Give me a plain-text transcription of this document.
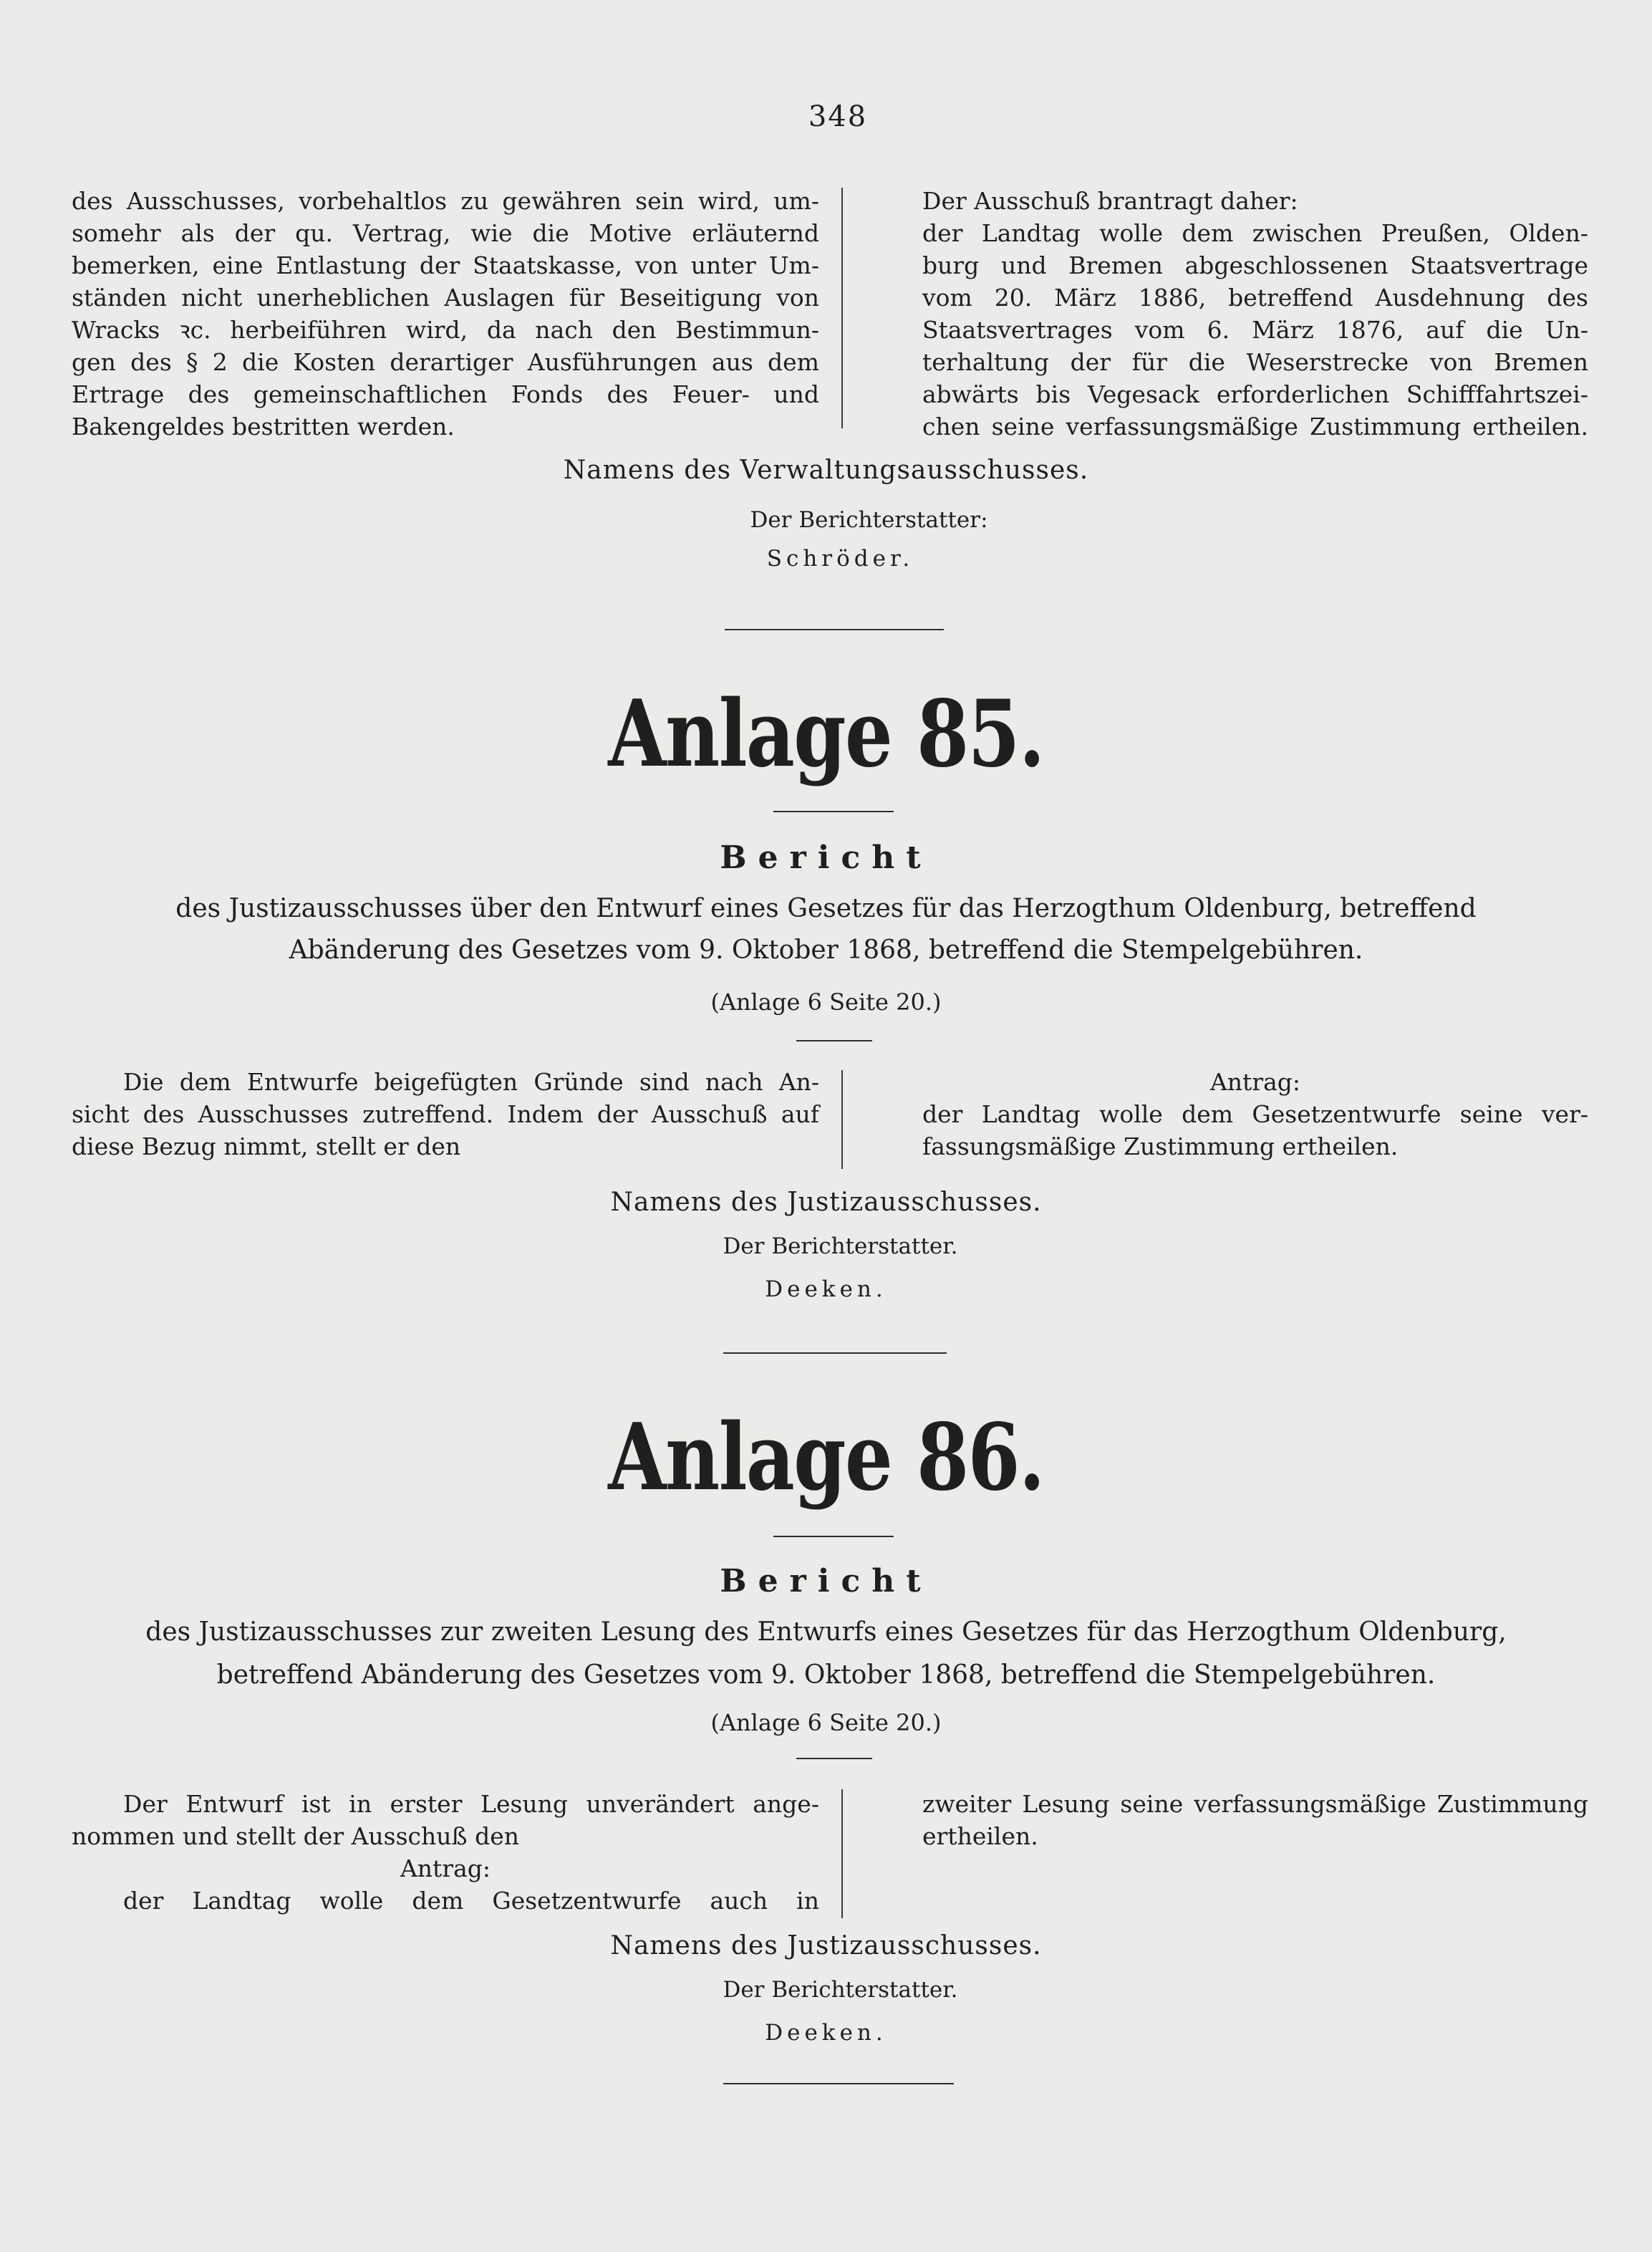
348

des Ausschusses, vorbehaltlos zu gewähren sein wird, um-

somehr als der qu. Vertrag, wie die Motive erläuternd

bemerken, eine Entlastung der Staatskasse, von unter Um-

ständen nicht unerheblichen Auslagen für Beseitigung von

Wracks ꝛc. herbeiführen wird, da nach den Bestimmun-

gen des § 2 die Kosten derartiger Ausführungen aus dem

Ertrage des gemeinschaftlichen Fonds des Feuer- und

Bakengeldes bestritten werden.

Der Ausschuß brantragt daher:

der Landtag wolle dem zwischen Preußen, Olden-

burg und Bremen abgeschlossenen Staatsvertrage

vom 20. März 1886, betreffend Ausdehnung des

Staatsvertrages vom 6. März 1876, auf die Un-

terhaltung der für die Weserstrecke von Bremen

abwärts bis Vegesack erforderlichen Schifffahrtszei-

chen seine verfassungsmäßige Zustimmung ertheilen.

Namens des Verwaltungsausschusses.
Der Berichterstatter:
Schröder.
Anlage 85.
Bericht
des Justizausschusses über den Entwurf eines Gesetzes für das Herzogthum Oldenburg, betreffend
Abänderung des Gesetzes vom 9. Oktober 1868, betreffend die Stempelgebühren.
(Anlage 6 Seite 20.)

Die dem Entwurfe beigefügten Gründe sind nach An-

sicht des Ausschusses zutreffend. Indem der Ausschuß auf

diese Bezug nimmt, stellt er den

Antrag:

der Landtag wolle dem Gesetzentwurfe seine ver-

fassungsmäßige Zustimmung ertheilen.

Namens des Justizausschusses.
Der Berichterstatter.
Deeken.
Anlage 86.
Bericht
des Justizausschusses zur zweiten Lesung des Entwurfs eines Gesetzes für das Herzogthum Oldenburg,
betreffend Abänderung des Gesetzes vom 9. Oktober 1868, betreffend die Stempelgebühren.
(Anlage 6 Seite 20.)

Der Entwurf ist in erster Lesung unverändert ange-

nommen und stellt der Ausschuß den

Antrag:

der Landtag wolle dem Gesetzentwurfe auch in

zweiter Lesung seine verfassungsmäßige Zustimmung

ertheilen.

Namens des Justizausschusses.
Der Berichterstatter.
Deeken.
